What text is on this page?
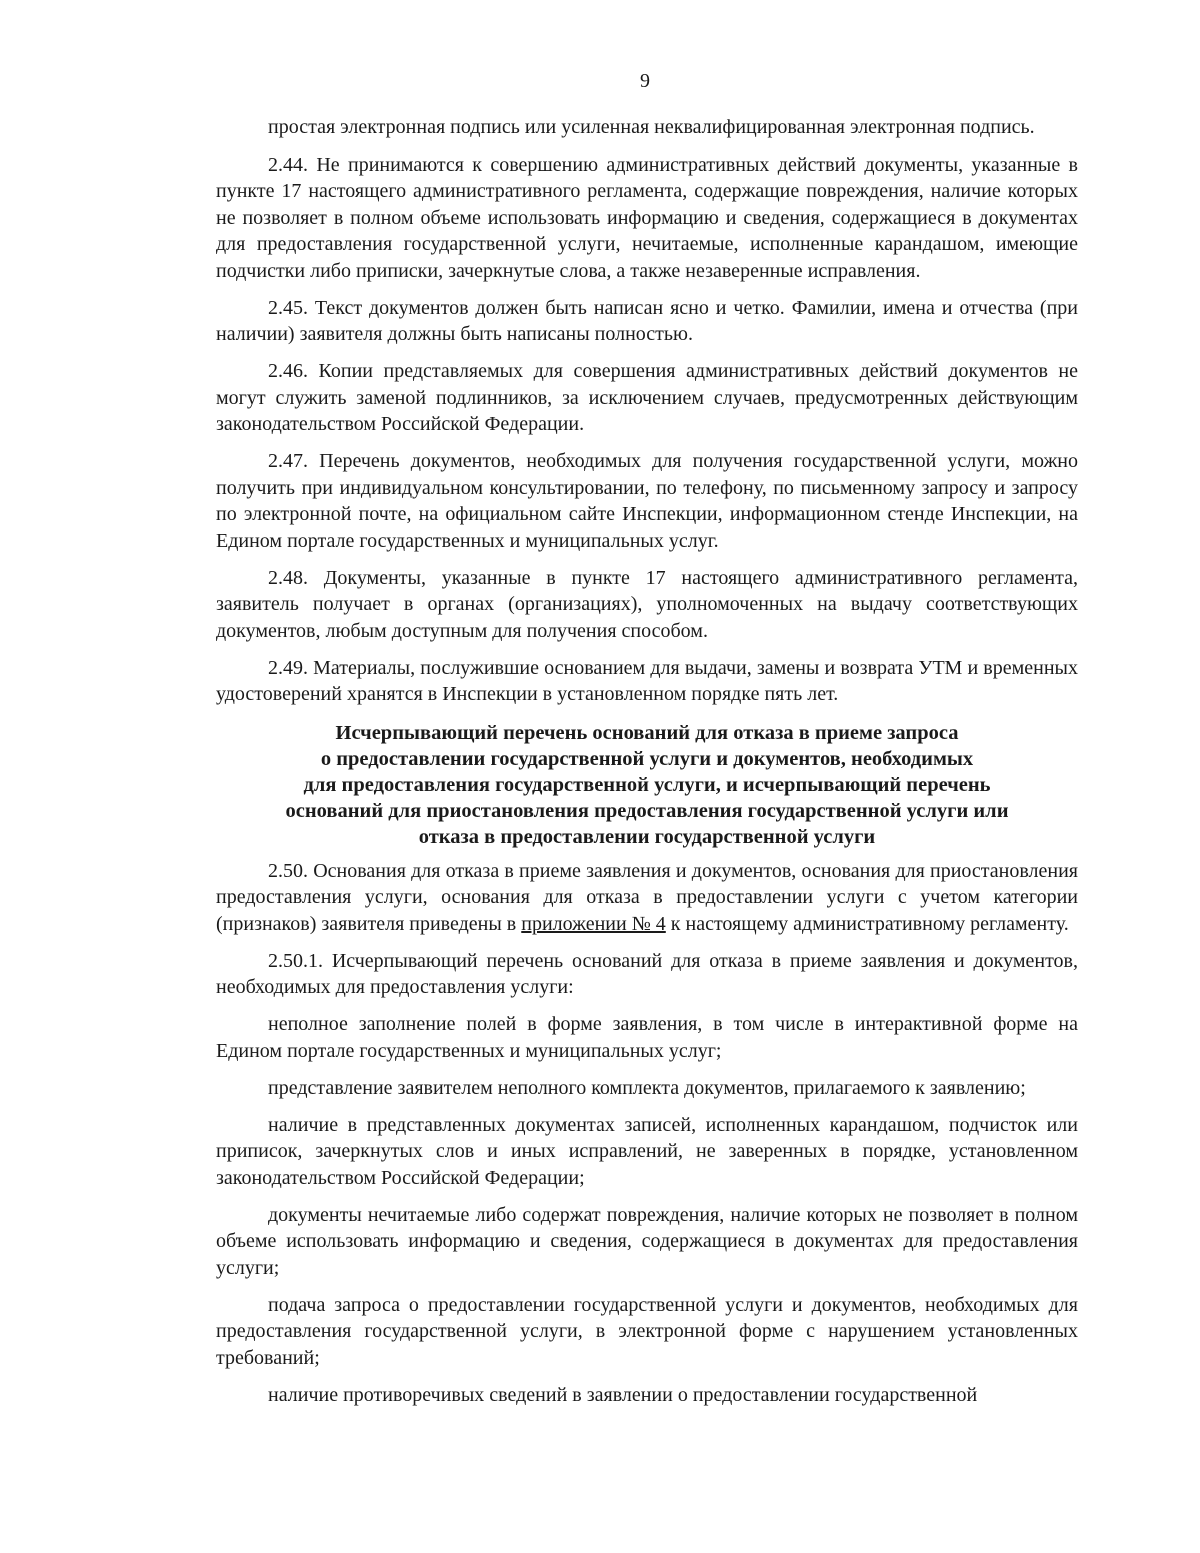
9

простая электронная подпись или усиленная неквалифицированная электронная подпись.

2.44. Не принимаются к совершению административных действий документы, указанные в пункте 17 настоящего административного регламента, содержащие повреждения, наличие которых не позволяет в полном объеме использовать информацию и сведения, содержащиеся в документах для предоставления государственной услуги, нечитаемые, исполненные карандашом, имеющие подчистки либо приписки, зачеркнутые слова, а также незаверенные исправления.

2.45. Текст документов должен быть написан ясно и четко. Фамилии, имена и отчества (при наличии) заявителя должны быть написаны полностью.

2.46. Копии представляемых для совершения административных действий документов не могут служить заменой подлинников, за исключением случаев, предусмотренных действующим законодательством Российской Федерации.

2.47. Перечень документов, необходимых для получения государственной услуги, можно получить при индивидуальном консультировании, по телефону, по письменному запросу и запросу по электронной почте, на официальном сайте Инспекции, информационном стенде Инспекции, на Едином портале государственных и муниципальных услуг.

2.48. Документы, указанные в пункте 17 настоящего административного регламента, заявитель получает в органах (организациях), уполномоченных на выдачу соответствующих документов, любым доступным для получения способом.

2.49. Материалы, послужившие основанием для выдачи, замены и возврата УТМ и временных удостоверений хранятся в Инспекции в установленном порядке пять лет.

Исчерпывающий перечень оснований для отказа в приеме запроса
о предоставлении государственной услуги и документов, необходимых
для предоставления государственной услуги, и исчерпывающий перечень
оснований для приостановления предоставления государственной услуги или
отказа в предоставлении государственной услуги

2.50. Основания для отказа в приеме заявления и документов, основания для приостановления предоставления услуги, основания для отказа в предоставлении услуги с учетом категории (признаков) заявителя приведены в приложении № 4 к настоящему административному регламенту.

2.50.1. Исчерпывающий перечень оснований для отказа в приеме заявления и документов, необходимых для предоставления услуги:

неполное заполнение полей в форме заявления, в том числе в интерактивной форме на Едином портале государственных и муниципальных услуг;

представление заявителем неполного комплекта документов, прилагаемого к заявлению;

наличие в представленных документах записей, исполненных карандашом, подчисток или приписок, зачеркнутых слов и иных исправлений, не заверенных в порядке, установленном законодательством Российской Федерации;

документы нечитаемые либо содержат повреждения, наличие которых не позволяет в полном объеме использовать информацию и сведения, содержащиеся в документах для предоставления услуги;

подача запроса о предоставлении государственной услуги и документов, необходимых для предоставления государственной услуги, в электронной форме с нарушением установленных требований;

наличие противоречивых сведений в заявлении о предоставлении государственной
